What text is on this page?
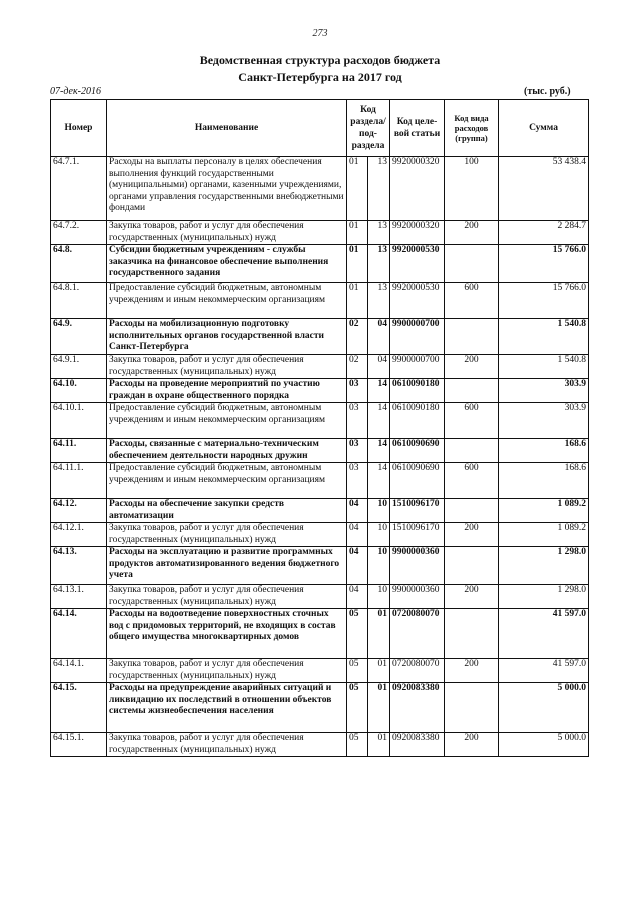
273
Ведомственная структура расходов бюджета
Санкт-Петербурга на 2017 год
07-дек-2016	(тыс. руб.)
Номер	Наименование	Код раздела/ под-раздела		Код целе-вой статьи	Код вида расходов (группа)	Сумма
64.7.1.	Расходы на выплаты персоналу в целях обеспечения выполнения функций государственными (муниципальными) органами, казенными учреждениями, органами управления государственными внебюджетными фондами	01	13	9920000320	100	53 438.4
64.7.2.	Закупка товаров, работ и услуг для обеспечения государственных (муниципальных) нужд	01	13	9920000320	200	2 284.7
64.8.	Субсидии бюджетным учреждениям - службы заказчика на финансовое обеспечение выполнения государственного задания	01	13	9920000530		15 766.0
64.8.1.	Предоставление субсидий бюджетным, автономным учреждениям и иным некоммерческим организациям	01	13	9920000530	600	15 766.0
64.9.	Расходы на мобилизационную подготовку исполнительных органов государственной власти Санкт-Петербурга	02	04	9900000700		1 540.8
64.9.1.	Закупка товаров, работ и услуг для обеспечения государственных (муниципальных) нужд	02	04	9900000700	200	1 540.8
64.10.	Расходы на проведение мероприятий по участию граждан в охране общественного порядка	03	14	0610090180		303.9
64.10.1.	Предоставление субсидий бюджетным, автономным учреждениям и иным некоммерческим организациям	03	14	0610090180	600	303.9
64.11.	Расходы, связанные с материально-техническим обеспечением деятельности народных дружин	03	14	0610090690		168.6
64.11.1.	Предоставление субсидий бюджетным, автономным учреждениям и иным некоммерческим организациям	03	14	0610090690	600	168.6
64.12.	Расходы на обеспечение закупки средств автоматизации	04	10	1510096170		1 089.2
64.12.1.	Закупка товаров, работ и услуг для обеспечения государственных (муниципальных) нужд	04	10	1510096170	200	1 089.2
64.13.	Расходы на эксплуатацию и развитие программных продуктов автоматизированного ведения бюджетного учета	04	10	9900000360		1 298.0
64.13.1.	Закупка товаров, работ и услуг для обеспечения государственных (муниципальных) нужд	04	10	9900000360	200	1 298.0
64.14.	Расходы на водоотведение поверхностных сточных вод с придомовых территорий, не входящих в состав общего имущества многоквартирных домов	05	01	0720080070		41 597.0
64.14.1.	Закупка товаров, работ и услуг для обеспечения государственных (муниципальных) нужд	05	01	0720080070	200	41 597.0
64.15.	Расходы на предупреждение аварийных ситуаций и ликвидацию их последствий в отношении объектов системы жизнеобеспечения населения	05	01	0920083380		5 000.0
64.15.1.	Закупка товаров, работ и услуг для обеспечения государственных (муниципальных) нужд	05	01	0920083380	200	5 000.0
